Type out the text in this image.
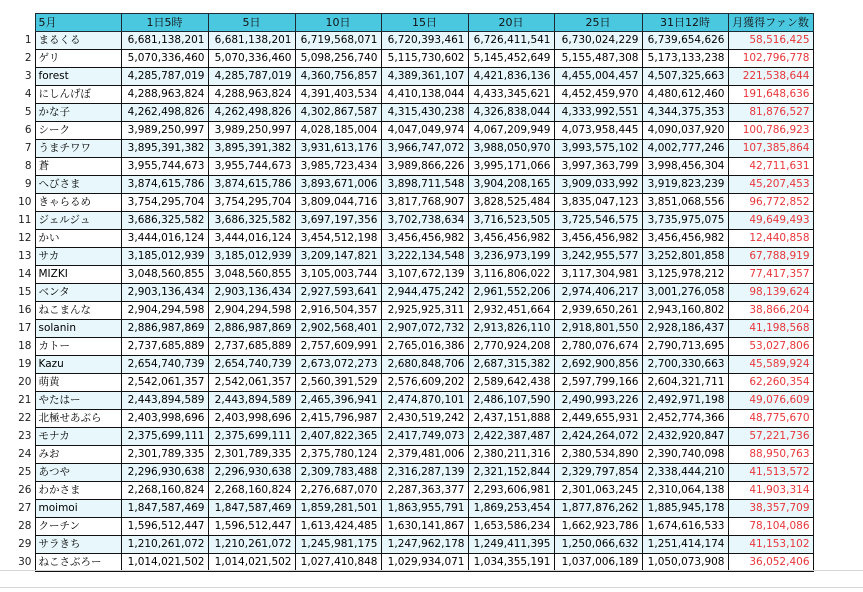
	5月	1日5時	5日	10日	15日	20日	25日	31日12時	月獲得ファン数
1	まるくる	6,681,138,201	6,681,138,201	6,719,568,071	6,720,393,461	6,726,411,541	6,730,024,229	6,739,654,626	58,516,425
2	ゲリ	5,070,336,460	5,070,336,460	5,098,256,740	5,115,730,602	5,145,452,649	5,155,487,308	5,173,133,238	102,796,778
3	forest	4,285,787,019	4,285,787,019	4,360,756,857	4,389,361,107	4,421,836,136	4,455,004,457	4,507,325,663	221,538,644
4	にしんげぼ	4,288,963,824	4,288,963,824	4,391,403,534	4,410,138,044	4,433,345,621	4,452,459,970	4,480,612,460	191,648,636
5	かな子	4,262,498,826	4,262,498,826	4,302,867,587	4,315,430,238	4,326,838,044	4,333,992,551	4,344,375,353	81,876,527
6	シーク	3,989,250,997	3,989,250,997	4,028,185,004	4,047,049,974	4,067,209,949	4,073,958,445	4,090,037,920	100,786,923
7	うまチワワ	3,895,391,382	3,895,391,382	3,931,613,176	3,966,747,072	3,988,050,970	3,993,575,102	4,002,777,246	107,385,864
8	蒼	3,955,744,673	3,955,744,673	3,985,723,434	3,989,866,226	3,995,171,066	3,997,363,799	3,998,456,304	42,711,631
9	へびさま	3,874,615,786	3,874,615,786	3,893,671,006	3,898,711,548	3,904,208,165	3,909,033,992	3,919,823,239	45,207,453
10	きゃらるめ	3,754,295,704	3,754,295,704	3,809,044,716	3,817,768,907	3,828,525,484	3,835,047,123	3,851,068,556	96,772,852
11	ジェルジュ	3,686,325,582	3,686,325,582	3,697,197,356	3,702,738,634	3,716,523,505	3,725,546,575	3,735,975,075	49,649,493
12	かい	3,444,016,124	3,444,016,124	3,454,512,198	3,456,456,982	3,456,456,982	3,456,456,982	3,456,456,982	12,440,858
13	サカ	3,185,012,939	3,185,012,939	3,209,147,821	3,222,134,548	3,236,973,199	3,242,955,577	3,252,801,858	67,788,919
14	MIZKI	3,048,560,855	3,048,560,855	3,105,003,744	3,107,672,139	3,116,806,022	3,117,304,981	3,125,978,212	77,417,357
15	ベンタ	2,903,136,434	2,903,136,434	2,927,593,641	2,944,475,242	2,961,552,206	2,974,406,217	3,001,276,058	98,139,624
16	ねこまんな	2,904,294,598	2,904,294,598	2,916,504,357	2,925,925,311	2,932,451,664	2,939,650,261	2,943,160,802	38,866,204
17	solanin	2,886,987,869	2,886,987,869	2,902,568,401	2,907,072,732	2,913,826,110	2,918,801,550	2,928,186,437	41,198,568
18	カトー	2,737,685,889	2,737,685,889	2,757,609,991	2,765,016,386	2,770,924,208	2,780,076,674	2,790,713,695	53,027,806
19	Kazu	2,654,740,739	2,654,740,739	2,673,072,273	2,680,848,706	2,687,315,382	2,692,900,856	2,700,330,663	45,589,924
20	萌黄	2,542,061,357	2,542,061,357	2,560,391,529	2,576,609,202	2,589,642,438	2,597,799,166	2,604,321,711	62,260,354
21	やたはー	2,443,894,589	2,443,894,589	2,465,396,941	2,474,870,101	2,486,107,590	2,490,993,226	2,492,971,198	49,076,609
22	北極せあぶら	2,403,998,696	2,403,998,696	2,415,796,987	2,430,519,242	2,437,151,888	2,449,655,931	2,452,774,366	48,775,670
23	モナカ	2,375,699,111	2,375,699,111	2,407,822,365	2,417,749,073	2,422,387,487	2,424,264,072	2,432,920,847	57,221,736
24	みお	2,301,789,335	2,301,789,335	2,375,780,124	2,379,481,006	2,380,211,316	2,380,534,890	2,390,740,098	88,950,763
25	あつや	2,296,930,638	2,296,930,638	2,309,783,488	2,316,287,139	2,321,152,844	2,329,797,854	2,338,444,210	41,513,572
26	わかさま	2,268,160,824	2,268,160,824	2,276,687,070	2,287,363,377	2,293,606,981	2,301,063,245	2,310,064,138	41,903,314
27	moimoi	1,847,587,469	1,847,587,469	1,859,281,501	1,863,955,791	1,869,253,454	1,877,876,262	1,885,945,178	38,357,709
28	クーチン	1,596,512,447	1,596,512,447	1,613,424,485	1,630,141,867	1,653,586,234	1,662,923,786	1,674,616,533	78,104,086
29	サラきち	1,210,261,072	1,210,261,072	1,245,981,175	1,247,962,178	1,249,411,395	1,250,066,632	1,251,414,174	41,153,102
30	ねこさぶろー	1,014,021,502	1,014,021,502	1,027,410,848	1,029,934,071	1,034,355,191	1,037,006,189	1,050,073,908	36,052,406
